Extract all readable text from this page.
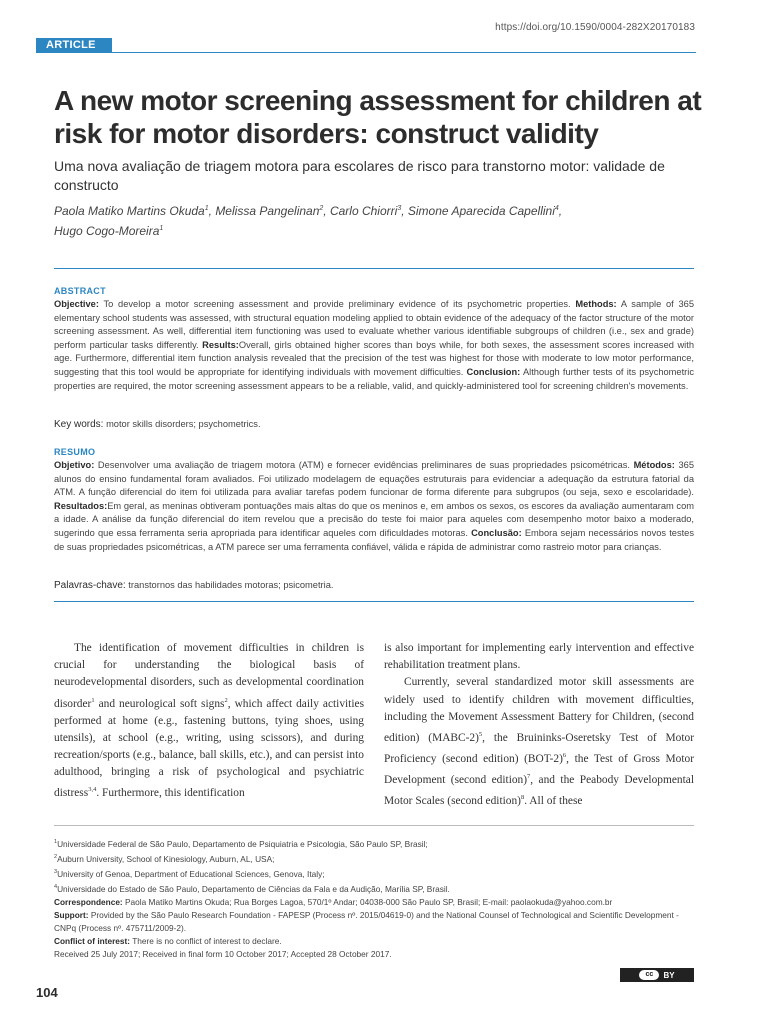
https://doi.org/10.1590/0004-282X20170183
ARTICLE
A new motor screening assessment for children at risk for motor disorders: construct validity

Uma nova avaliação de triagem motora para escolares de risco para transtorno motor: validade de constructo

Paola Matiko Martins Okuda$^1$, Melissa Pangelinan$^2$, Carlo Chiorri$^3$, Simone Aparecida Capellini$^4$,
Hugo Cogo-Moreira$^1$

ABSTRACT

Objective: To develop a motor screening assessment and provide preliminary evidence of its psychometric properties. Methods: A sample of 365 elementary school students was assessed, with structural equation modeling applied to obtain evidence of the adequacy of the factor structure of the motor screening assessment. As well, differential item functioning was used to evaluate whether various identifiable subgroups of children (i.e., sex and grade) perform particular tasks differently. Results:Overall, girls obtained higher scores than boys while, for both sexes, the assessment scores increased with age. Furthermore, differential item function analysis revealed that the precision of the test was highest for those with moderate to low motor performance, suggesting that this tool would be appropriate for identifying individuals with movement difficulties. Conclusion: Although further tests of its psychometric properties are required, the motor screening assessment appears to be a reliable, valid, and quickly-administered tool for screening children's movements.

Key words: motor skills disorders; psychometrics.

RESUMO

Objetivo: Desenvolver uma avaliação de triagem motora (ATM) e fornecer evidências preliminares de suas propriedades psicométricas. Métodos: 365 alunos do ensino fundamental foram avaliados. Foi utilizado modelagem de equações estruturais para evidenciar a adequação da estrutura fatorial da ATM. A função diferencial do item foi utilizada para avaliar tarefas podem funcionar de forma diferente para subgrupos (ou seja, sexo e escolaridade). Resultados:Em geral, as meninas obtiveram pontuações mais altas do que os meninos e, em ambos os sexos, os escores da avaliação aumentaram com a idade. A análise da função diferencial do item revelou que a precisão do teste foi maior para aqueles com desempenho motor baixo a moderado, sugerindo que essa ferramenta seria apropriada para identificar aqueles com dificuldades motoras. Conclusão: Embora sejam necessários novos testes de suas propriedades psicométricas, a ATM parece ser uma ferramenta confiável, válida e rápida de administrar como rastreio motor para crianças.

Palavras-chave: transtornos das habilidades motoras; psicometria.

The identification of movement difficulties in children is crucial for understanding the biological basis of neurodevelopmental disorders, such as developmental coordination disorder$^1$ and neurological soft signs$^2$, which affect daily activities performed at home (e.g., fastening buttons, tying shoes, using utensils), at school (e.g., writing, using scissors), and during recreation/sports (e.g., balance, ball skills, etc.), and can persist into adulthood, bringing a risk of psychological and psychiatric distress$^{3,4}$. Furthermore, this identification

is also important for implementing early intervention and effective rehabilitation treatment plans.

Currently, several standardized motor skill assessments are widely used to identify children with movement difficulties, including the Movement Assessment Battery for Children, (second edition) (MABC-2)$^5$, the Bruininks-Oseretsky Test of Motor Proficiency (second edition) $(BOT-2)^6$, the Test of Gross Motor Development (second edition)$^7$, and the Peabody Developmental Motor Scales (second edition)$^8$. All of these

$^1$Universidade Federal de São Paulo, Departamento de Psiquiatria e Psicologia, São Paulo SP, Brasil;

$^2$Auburn University, School of Kinesiology, Auburn, AL, USA;

$^3$University of Genoa, Department of Educational Sciences, Genova, Italy;

$^4$Universidade do Estado de São Paulo, Departamento de Ciências da Fala e da Audição, Marília SP, Brasil.

Correspondence: Paola Matiko Martins Okuda; Rua Borges Lagoa, 570/1º Andar; 04038-000 São Paulo SP, Brasil; E-mail: paolaokuda@yahoo.com.br

Support: Provided by the São Paulo Research Foundation - FAPESP (Process nº. 2015/04619-0) and the National Counsel of Technological and Scientific Development - CNPq (Process nº. 475711/2009-2).

Conflict of interest: There is no conflict of interest to declare.

Received 25 July 2017; Received in final form 10 October 2017; Accepted 28 October 2017.

cc	BY
104
